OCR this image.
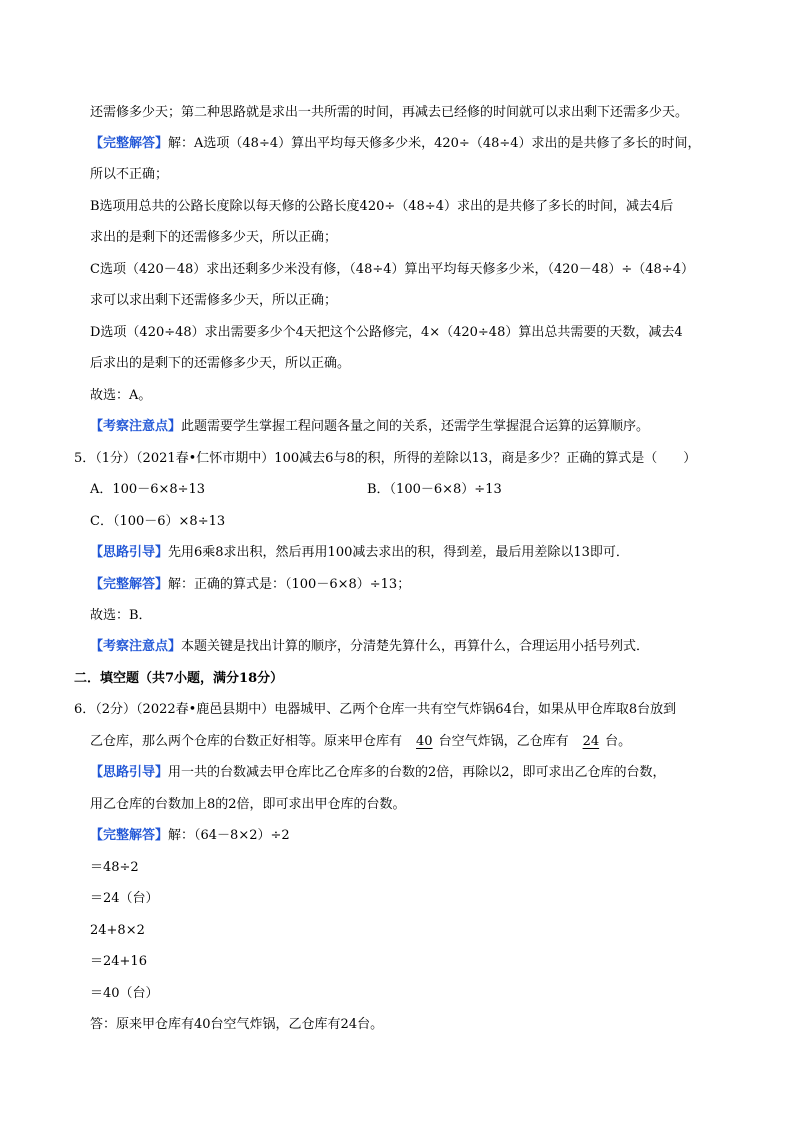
还需修多少天；第二种思路就是求出一共所需的时间，再减去已经修的时间就可以求出剩下还需多少天。
【完整解答】解：A选项（48÷4）算出平均每天修多少米，420÷（48÷4）求出的是共修了多长的时间，
所以不正确；
B选项用总共的公路长度除以每天修的公路长度420÷（48÷4）求出的是共修了多长的时间，减去4后
求出的是剩下的还需修多少天，所以正确；
C选项（420－48）求出还剩多少米没有修，（48÷4）算出平均每天修多少米，（420－48）÷（48÷4）
求可以求出剩下还需修多少天，所以正确；
D选项（420÷48）求出需要多少个4天把这个公路修完，4×（420÷48）算出总共需要的天数，减去4
后求出的是剩下的还需修多少天，所以正确。
故选：A。
【考察注意点】此题需要学生掌握工程问题各量之间的关系，还需学生掌握混合运算的运算顺序。
5．（1分）（2021春•仁怀市期中）100减去6与8的积，所得的差除以13，商是多少？正确的算式是（　　）
A．100－6×8÷13	B．（100－6×8）÷13
C．（100－6）×8÷13
【思路引导】先用6乘8求出积，然后再用100减去求出的积，得到差，最后用差除以13即可．
【完整解答】解：正确的算式是：（100－6×8）÷13；
故选：B．
【考察注意点】本题关键是找出计算的顺序，分清楚先算什么，再算什么，合理运用小括号列式．
二．填空题（共7小题，满分18分）
6．（2分）（2022春•鹿邑县期中）电器城甲、乙两个仓库一共有空气炸锅64台，如果从甲仓库取8台放到
乙仓库，那么两个仓库的台数正好相等。原来甲仓库有 40 台空气炸锅，乙仓库有 24 台。
【思路引导】用一共的台数减去甲仓库比乙仓库多的台数的2倍，再除以2，即可求出乙仓库的台数，
用乙仓库的台数加上8的2倍，即可求出甲仓库的台数。
【完整解答】解：（64－8×2）÷2
＝48÷2
＝24（台）
24+8×2
＝24+16
＝40（台）
答：原来甲仓库有40台空气炸锅，乙仓库有24台。
